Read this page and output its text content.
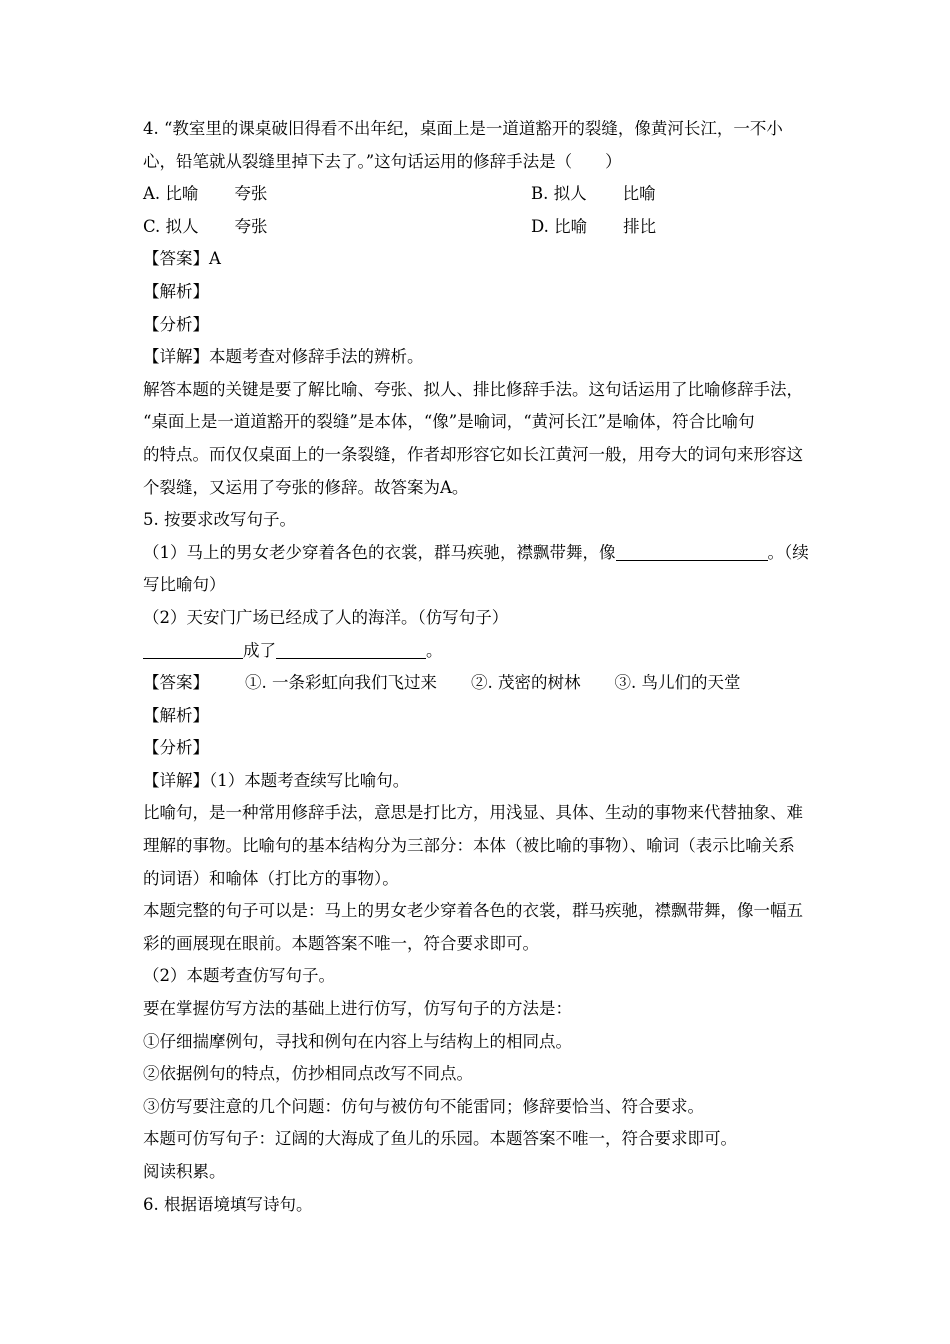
4. “教室里的课桌破旧得看不出年纪，桌面上是一道道豁开的裂缝，像黄河长江，一不小
心，铅笔就从裂缝里掉下去了。”这句话运用的修辞手法是（　　）
A. 比喻 夸张	B. 拟人 比喻
C. 拟人 夸张	D. 比喻 排比
【答案】A
【解析】
【分析】
【详解】本题考查对修辞手法的辨析。
解答本题的关键是要了解比喻、夸张、拟人、排比修辞手法。这句话运用了比喻修辞手法，
“桌面上是一道道豁开的裂缝”是本体，“像”是喻词，“黄河长江”是喻体，符合比喻句
的特点。而仅仅桌面上的一条裂缝，作者却形容它如长江黄河一般，用夸大的词句来形容这
个裂缝，又运用了夸张的修辞。故答案为A。
5. 按要求改写句子。
（1）马上的男女老少穿着各色的衣裳，群马疾驰，襟飘带舞，像	。（续
写比喻句）
（2）天安门广场已经成了人的海洋。（仿写句子）
成了	。
【答案】 ①. 一条彩虹向我们飞过来 ②. 茂密的树林 ③. 鸟儿们的天堂
【解析】
【分析】
【详解】（1）本题考查续写比喻句。
比喻句，是一种常用修辞手法，意思是打比方，用浅显、具体、生动的事物来代替抽象、难
理解的事物。比喻句的基本结构分为三部分：本体（被比喻的事物）、喻词（表示比喻关系
的词语）和喻体（打比方的事物）。
本题完整的句子可以是：马上的男女老少穿着各色的衣裳，群马疾驰，襟飘带舞，像一幅五
彩的画展现在眼前。本题答案不唯一，符合要求即可。
（2）本题考查仿写句子。
要在掌握仿写方法的基础上进行仿写，仿写句子的方法是：
①仔细揣摩例句，寻找和例句在内容上与结构上的相同点。
②依据例句的特点，仿抄相同点改写不同点。
③仿写要注意的几个问题：仿句与被仿句不能雷同；修辞要恰当、符合要求。
本题可仿写句子：辽阔的大海成了鱼儿的乐园。本题答案不唯一，符合要求即可。
阅读积累。
6. 根据语境填写诗句。
